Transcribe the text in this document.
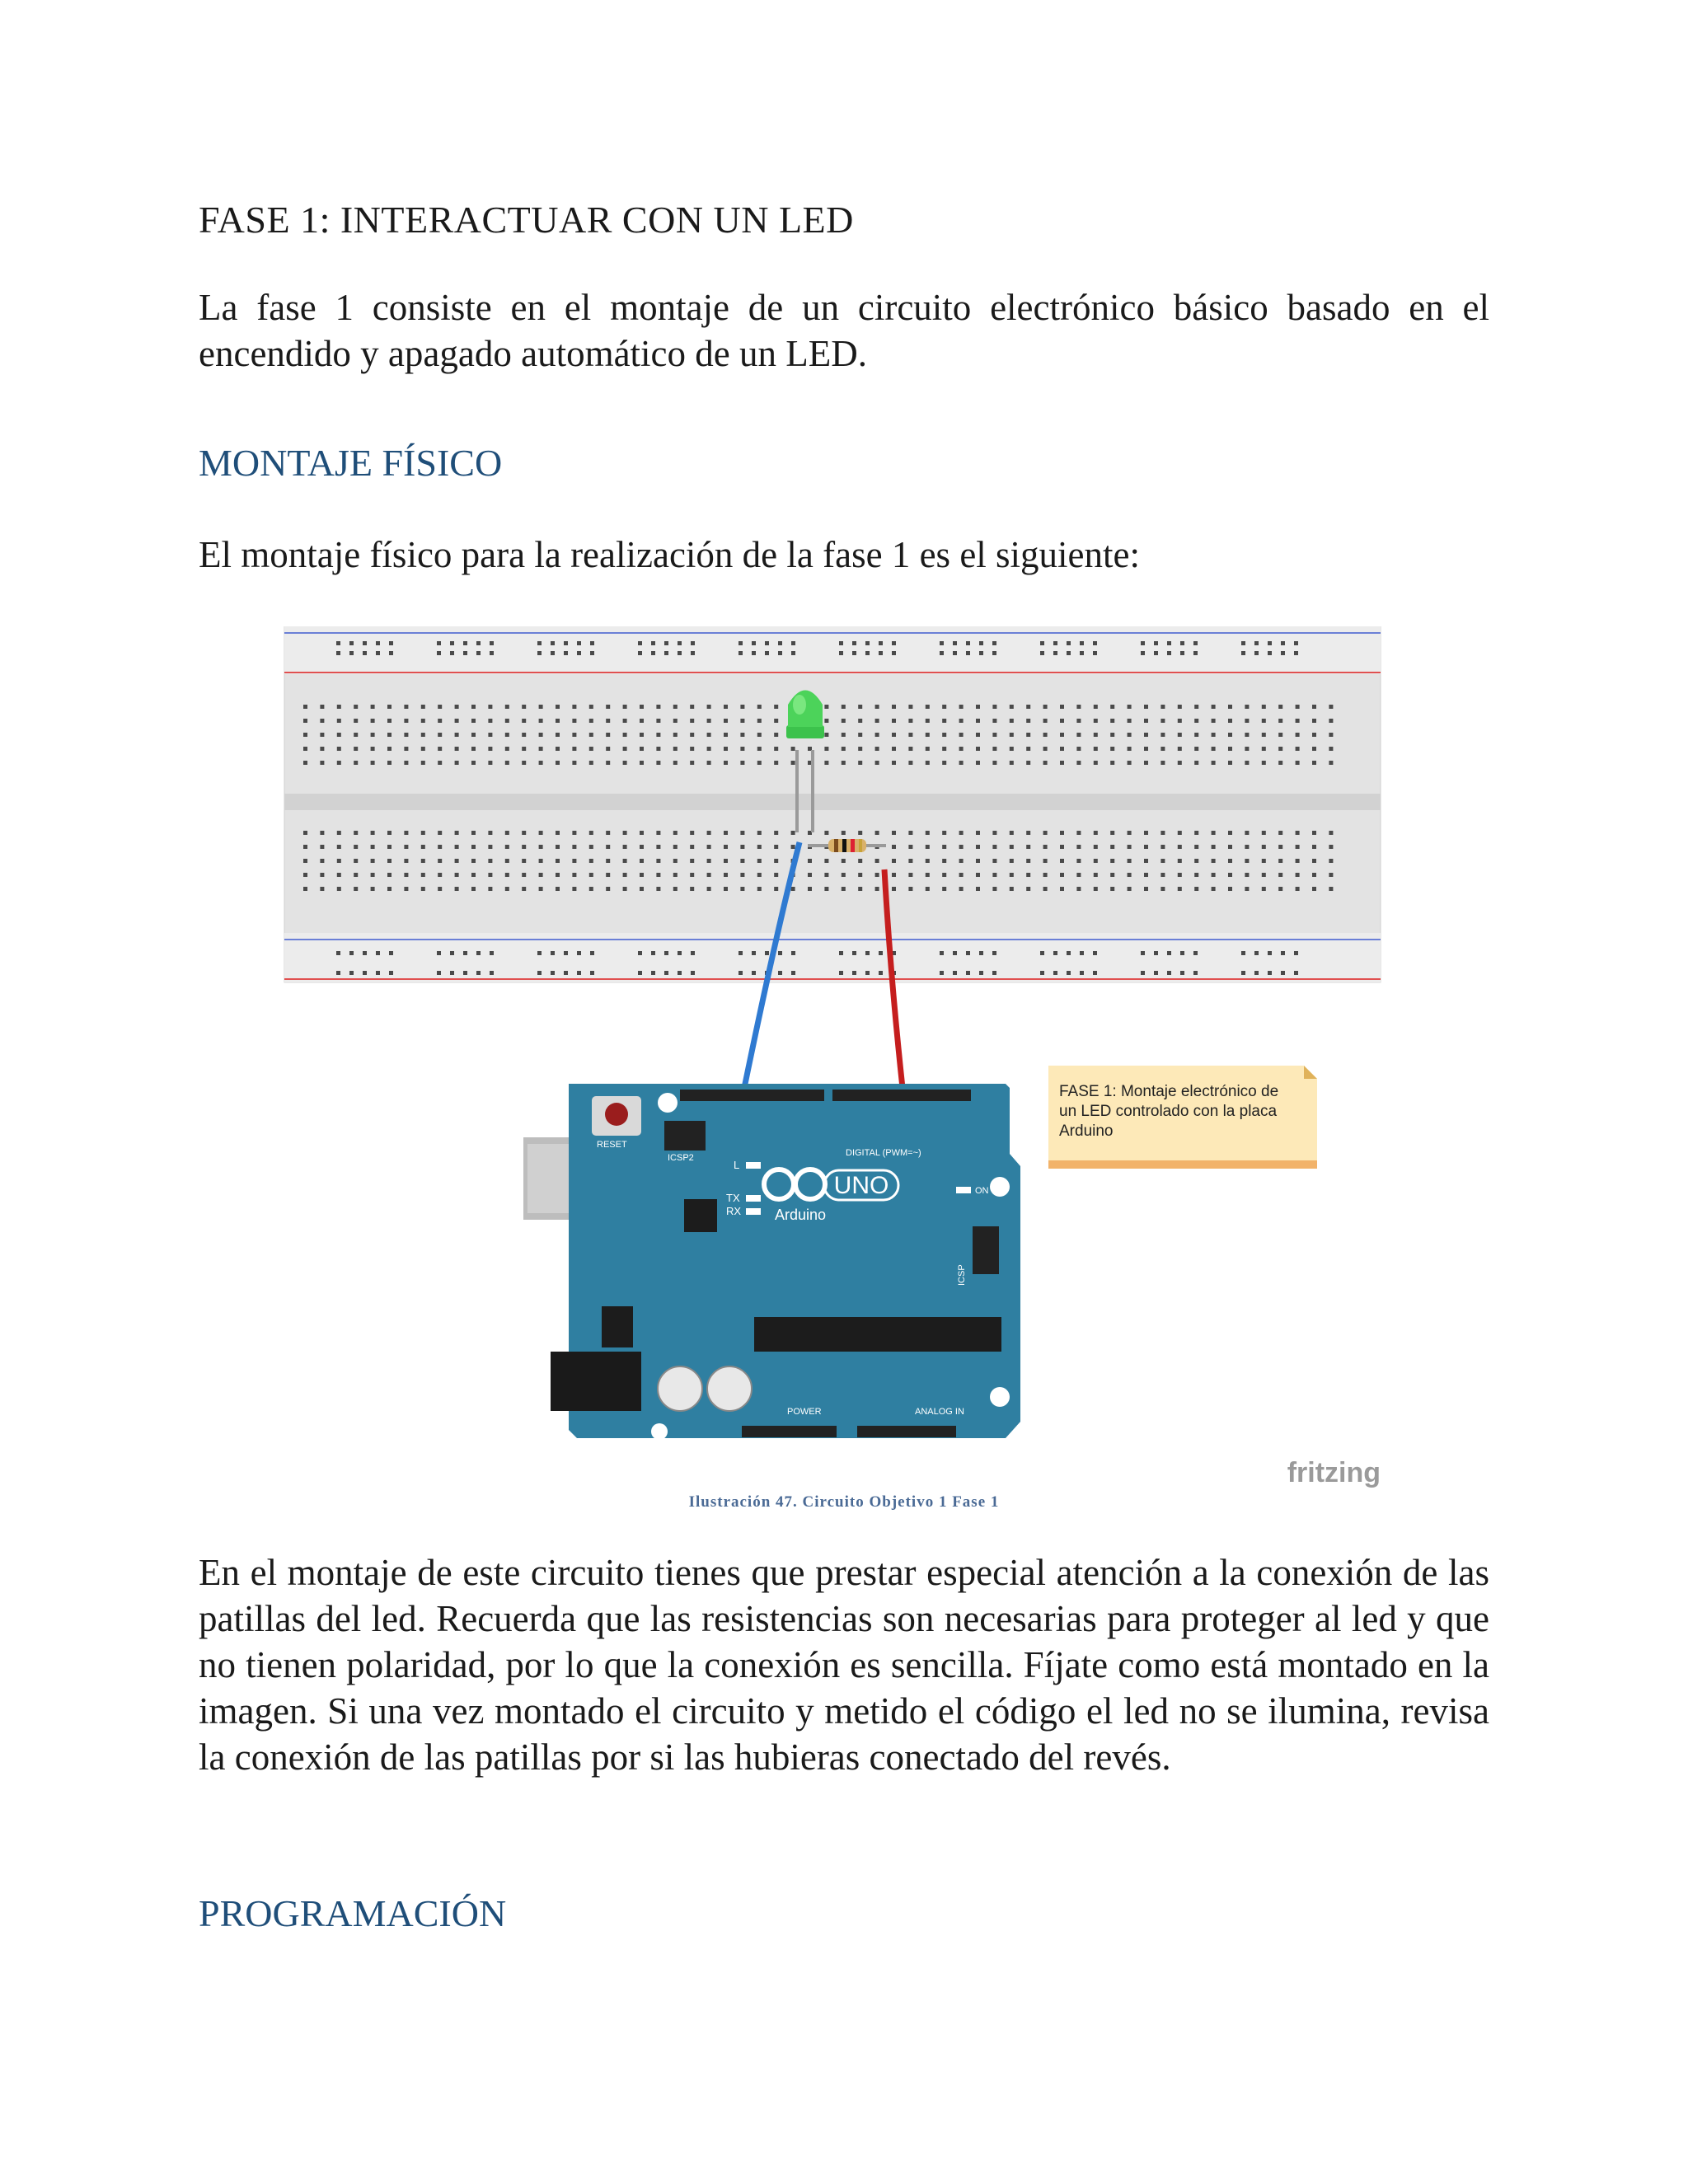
FASE 1: INTERACTUAR CON UN LED

La fase 1 consiste en el montaje de un circuito electrónico básico basado en el encendido y apagado automático de un LED.

MONTAJE FÍSICO

El montaje físico para la realización de la fase 1 es el siguiente:

UNO
Arduino
RESET
ICSP2	DIGITAL (PWM=~)
POWER	ANALOG IN
L
TX
RX
ON
ICSP
FASE 1: Montaje electrónico de
un LED controlado con la placa
Arduino
fritzing
Ilustración 47. Circuito Objetivo 1 Fase 1

En el montaje de este circuito tienes que prestar especial atención a la conexión de las patillas del led. Recuerda que las resistencias son necesarias para proteger al led y que no tienen polaridad, por lo que la conexión es sencilla. Fíjate como está montado en la imagen. Si una vez montado el circuito y metido el código el led no se ilumina, revisa la conexión de las patillas por si las hubieras conectado del revés.

PROGRAMACIÓN
